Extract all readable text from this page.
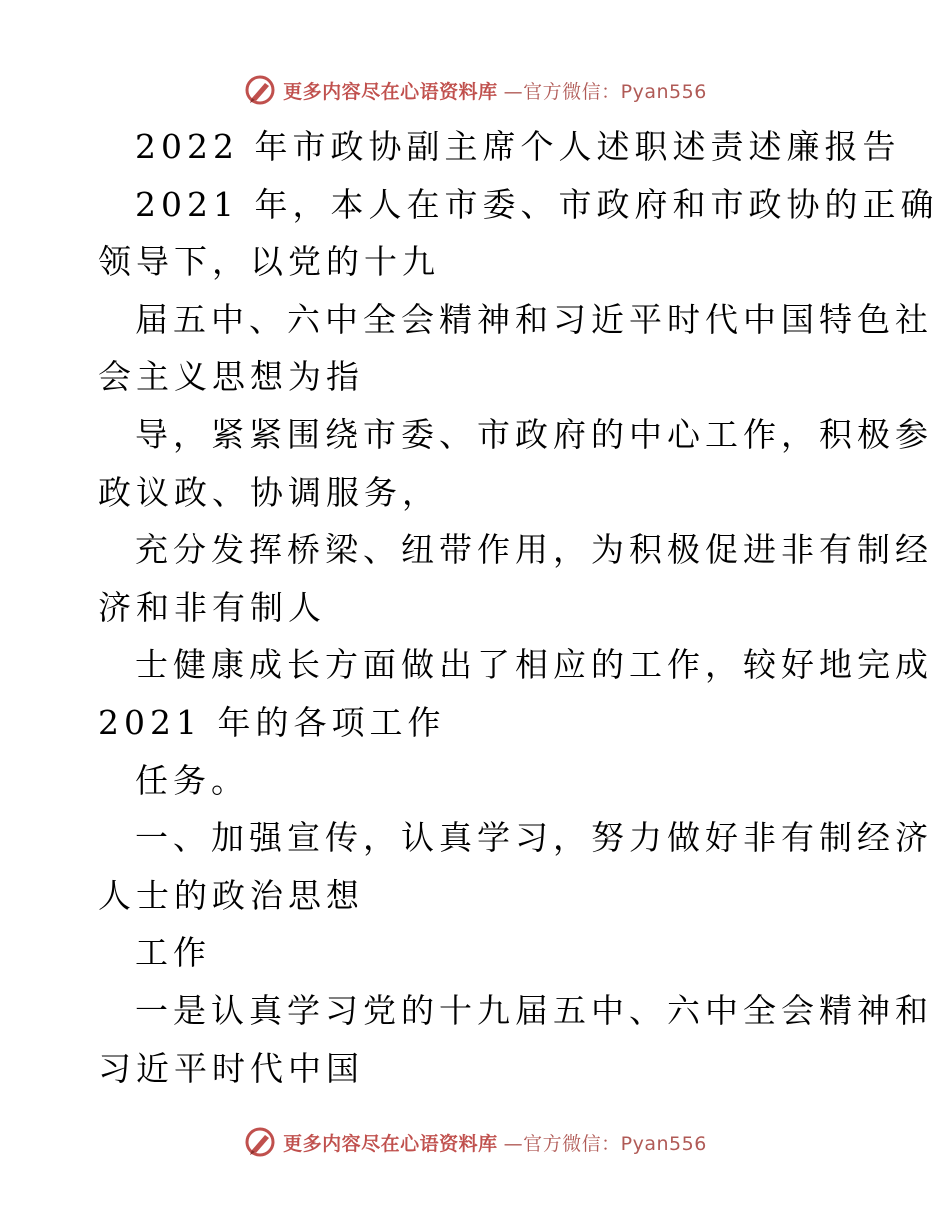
更多内容尽在心语资料库 —官方微信：Pyan556
2022 年市政协副主席个人述职述责述廉报告
2021 年，本人在市委、市政府和市政协的正确
领导下，以党的十九
届五中、六中全会精神和习近平时代中国特色社
会主义思想为指
导，紧紧围绕市委、市政府的中心工作，积极参
政议政、协调服务，
充分发挥桥梁、纽带作用，为积极促进非有制经
济和非有制人
士健康成长方面做出了相应的工作，较好地完成
2021 年的各项工作
任务。
一、加强宣传，认真学习，努力做好非有制经济
人士的政治思想
工作
一是认真学习党的十九届五中、六中全会精神和
习近平时代中国
更多内容尽在心语资料库 —官方微信：Pyan556
